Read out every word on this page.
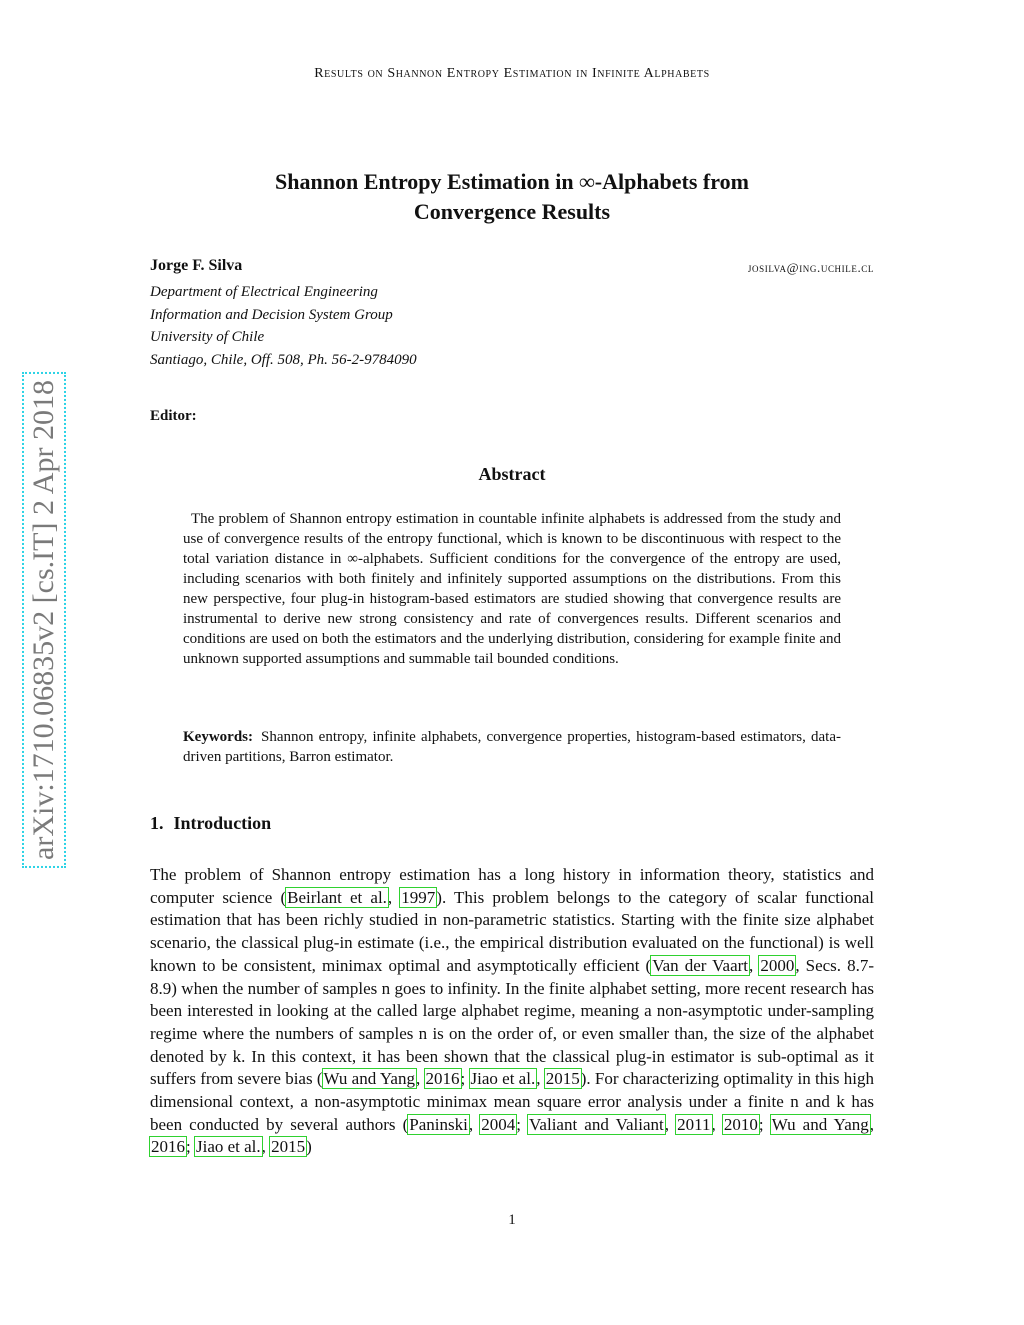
Results on Shannon Entropy Estimation in Infinite Alphabets
Shannon Entropy Estimation in ∞-Alphabets from
Convergence Results
Jorge F. Silva	josilva@ing.uchile.cl
Department of Electrical Engineering
Information and Decision System Group
University of Chile
Santiago, Chile, Off. 508, Ph. 56-2-9784090
Editor:
Abstract
The problem of Shannon entropy estimation in countable infinite alphabets is addressed from the study and use of convergence results of the entropy functional, which is known to be discontinuous with respect to the total variation distance in ∞-alphabets. Sufficient conditions for the convergence of the entropy are used, including scenarios with both finitely and infinitely supported assumptions on the distributions. From this new perspective, four plug-in histogram-based estimators are studied showing that convergence results are instrumental to derive new strong consistency and rate of convergences results. Different scenarios and conditions are used on both the estimators and the underlying distribution, considering for example finite and unknown supported assumptions and summable tail bounded conditions.
Keywords: Shannon entropy, infinite alphabets, convergence properties, histogram-based estimators, data-driven partitions, Barron estimator.
1. Introduction
The problem of Shannon entropy estimation has a long history in information theory, statistics and computer science (Beirlant et al., 1997). This problem belongs to the category of scalar functional estimation that has been richly studied in non-parametric statistics. Starting with the finite size alphabet scenario, the classical plug-in estimate (i.e., the empirical distribution evaluated on the functional) is well known to be consistent, minimax optimal and asymptotically efficient (Van der Vaart, 2000, Secs. 8.7-8.9) when the number of samples n goes to infinity. In the finite alphabet setting, more recent research has been interested in looking at the called large alphabet regime, meaning a non-asymptotic under-sampling regime where the numbers of samples n is on the order of, or even smaller than, the size of the alphabet denoted by k. In this context, it has been shown that the classical plug-in estimator is sub-optimal as it suffers from severe bias (Wu and Yang, 2016; Jiao et al., 2015). For characterizing optimality in this high dimensional context, a non-asymptotic minimax mean square error analysis under a finite n and k has been conducted by several authors (Paninski, 2004; Valiant and Valiant, 2011, 2010; Wu and Yang, 2016; Jiao et al., 2015)
1
arXiv:1710.06835v2 [cs.IT] 2 Apr 2018
